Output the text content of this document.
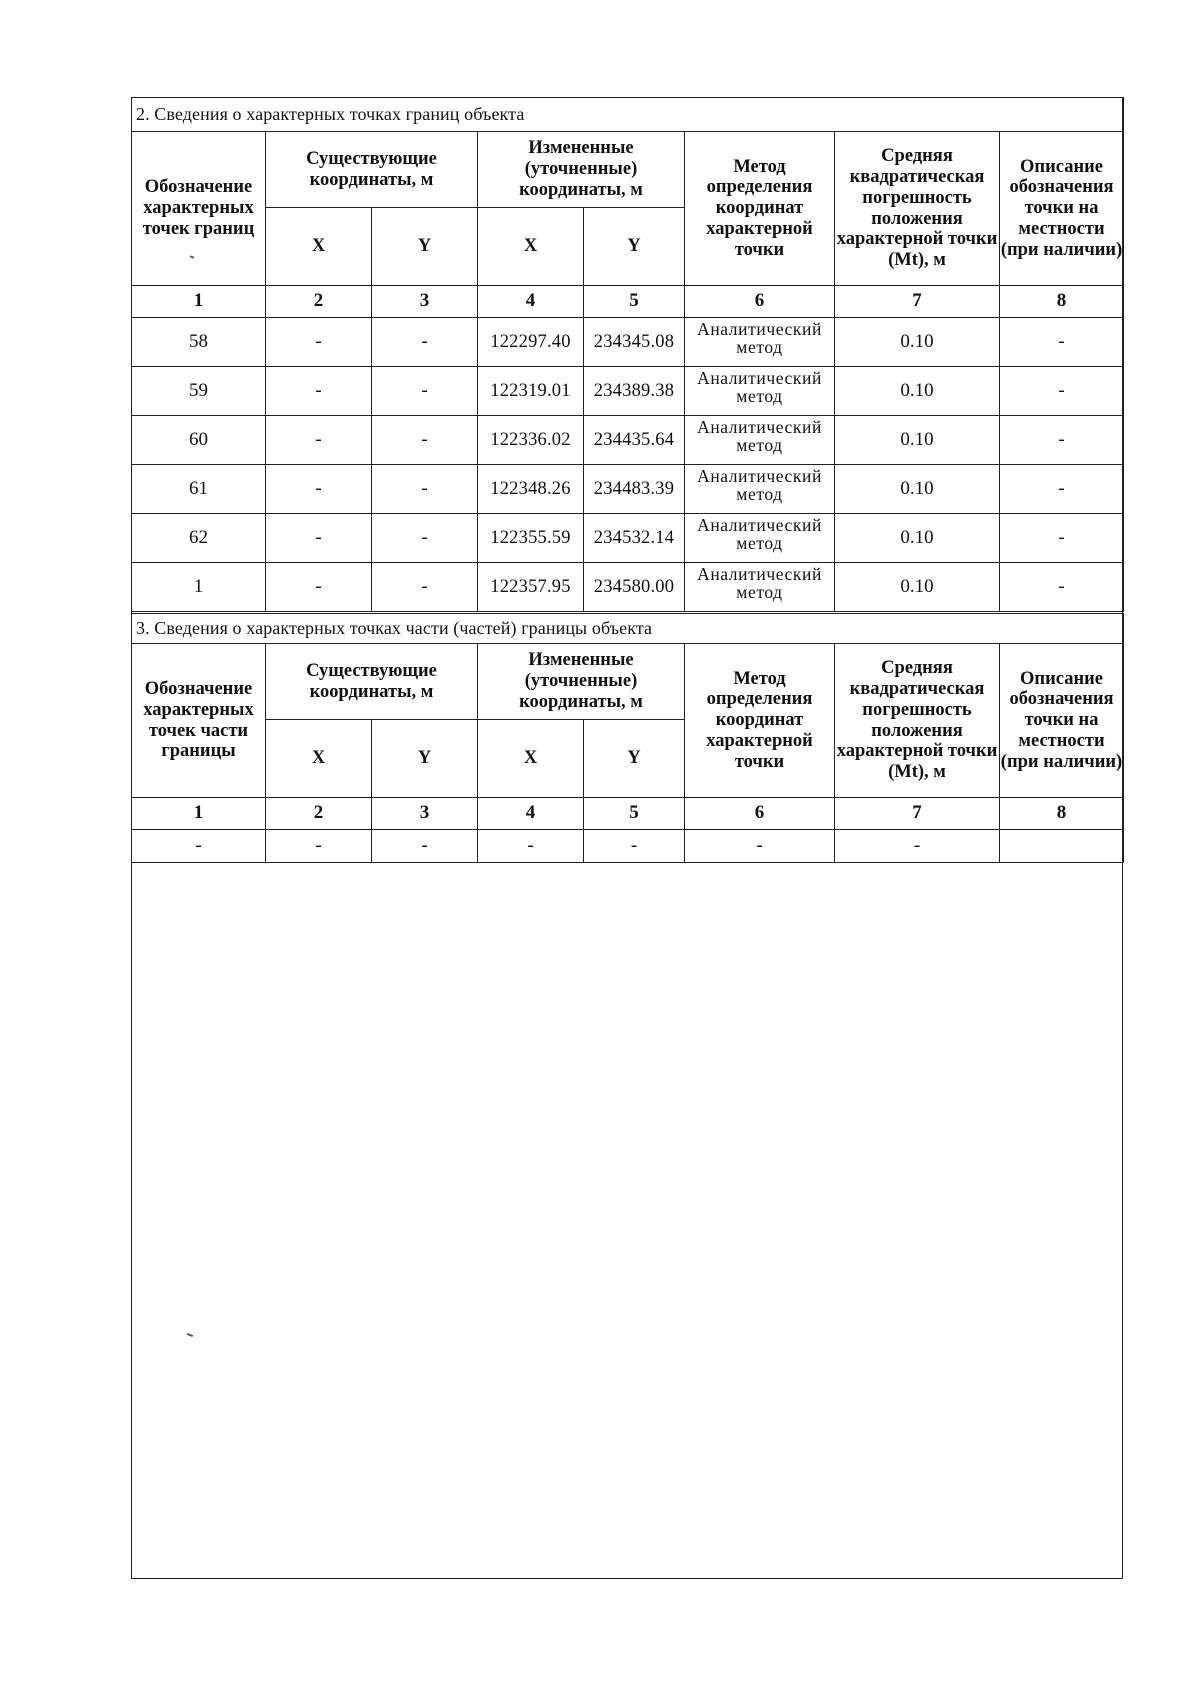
2. Сведения о характерных точках границ объекта							
Обозначение характерных точек границ	Существующие координаты, м		Измененные (уточненные) координаты, м		Метод определения координат характерной точки	Средняя квадратическая погрешность положения характерной точки (Mt), м	Описание обозначения точки на местности (при наличии)
	X	Y	X	Y			
1	2	3	4	5	6	7	8
58	-	-	122297.40	234345.08	Аналитический метод	0.10	-
59	-	-	122319.01	234389.38	Аналитический метод	0.10	-
60	-	-	122336.02	234435.64	Аналитический метод	0.10	-
61	-	-	122348.26	234483.39	Аналитический метод	0.10	-
62	-	-	122355.59	234532.14	Аналитический метод	0.10	-
1	-	-	122357.95	234580.00	Аналитический метод	0.10	-
3. Сведения о характерных точках части (частей) границы объекта							
Обозначение характерных точек части границы	Существующие координаты, м		Измененные (уточненные) координаты, м		Метод определения координат характерной точки	Средняя квадратическая погрешность положения характерной точки (Mt), м	Описание обозначения точки на местности (при наличии)
	X	Y	X	Y			
1	2	3	4	5	6	7	8
-	-	-	-	-	-	-	
